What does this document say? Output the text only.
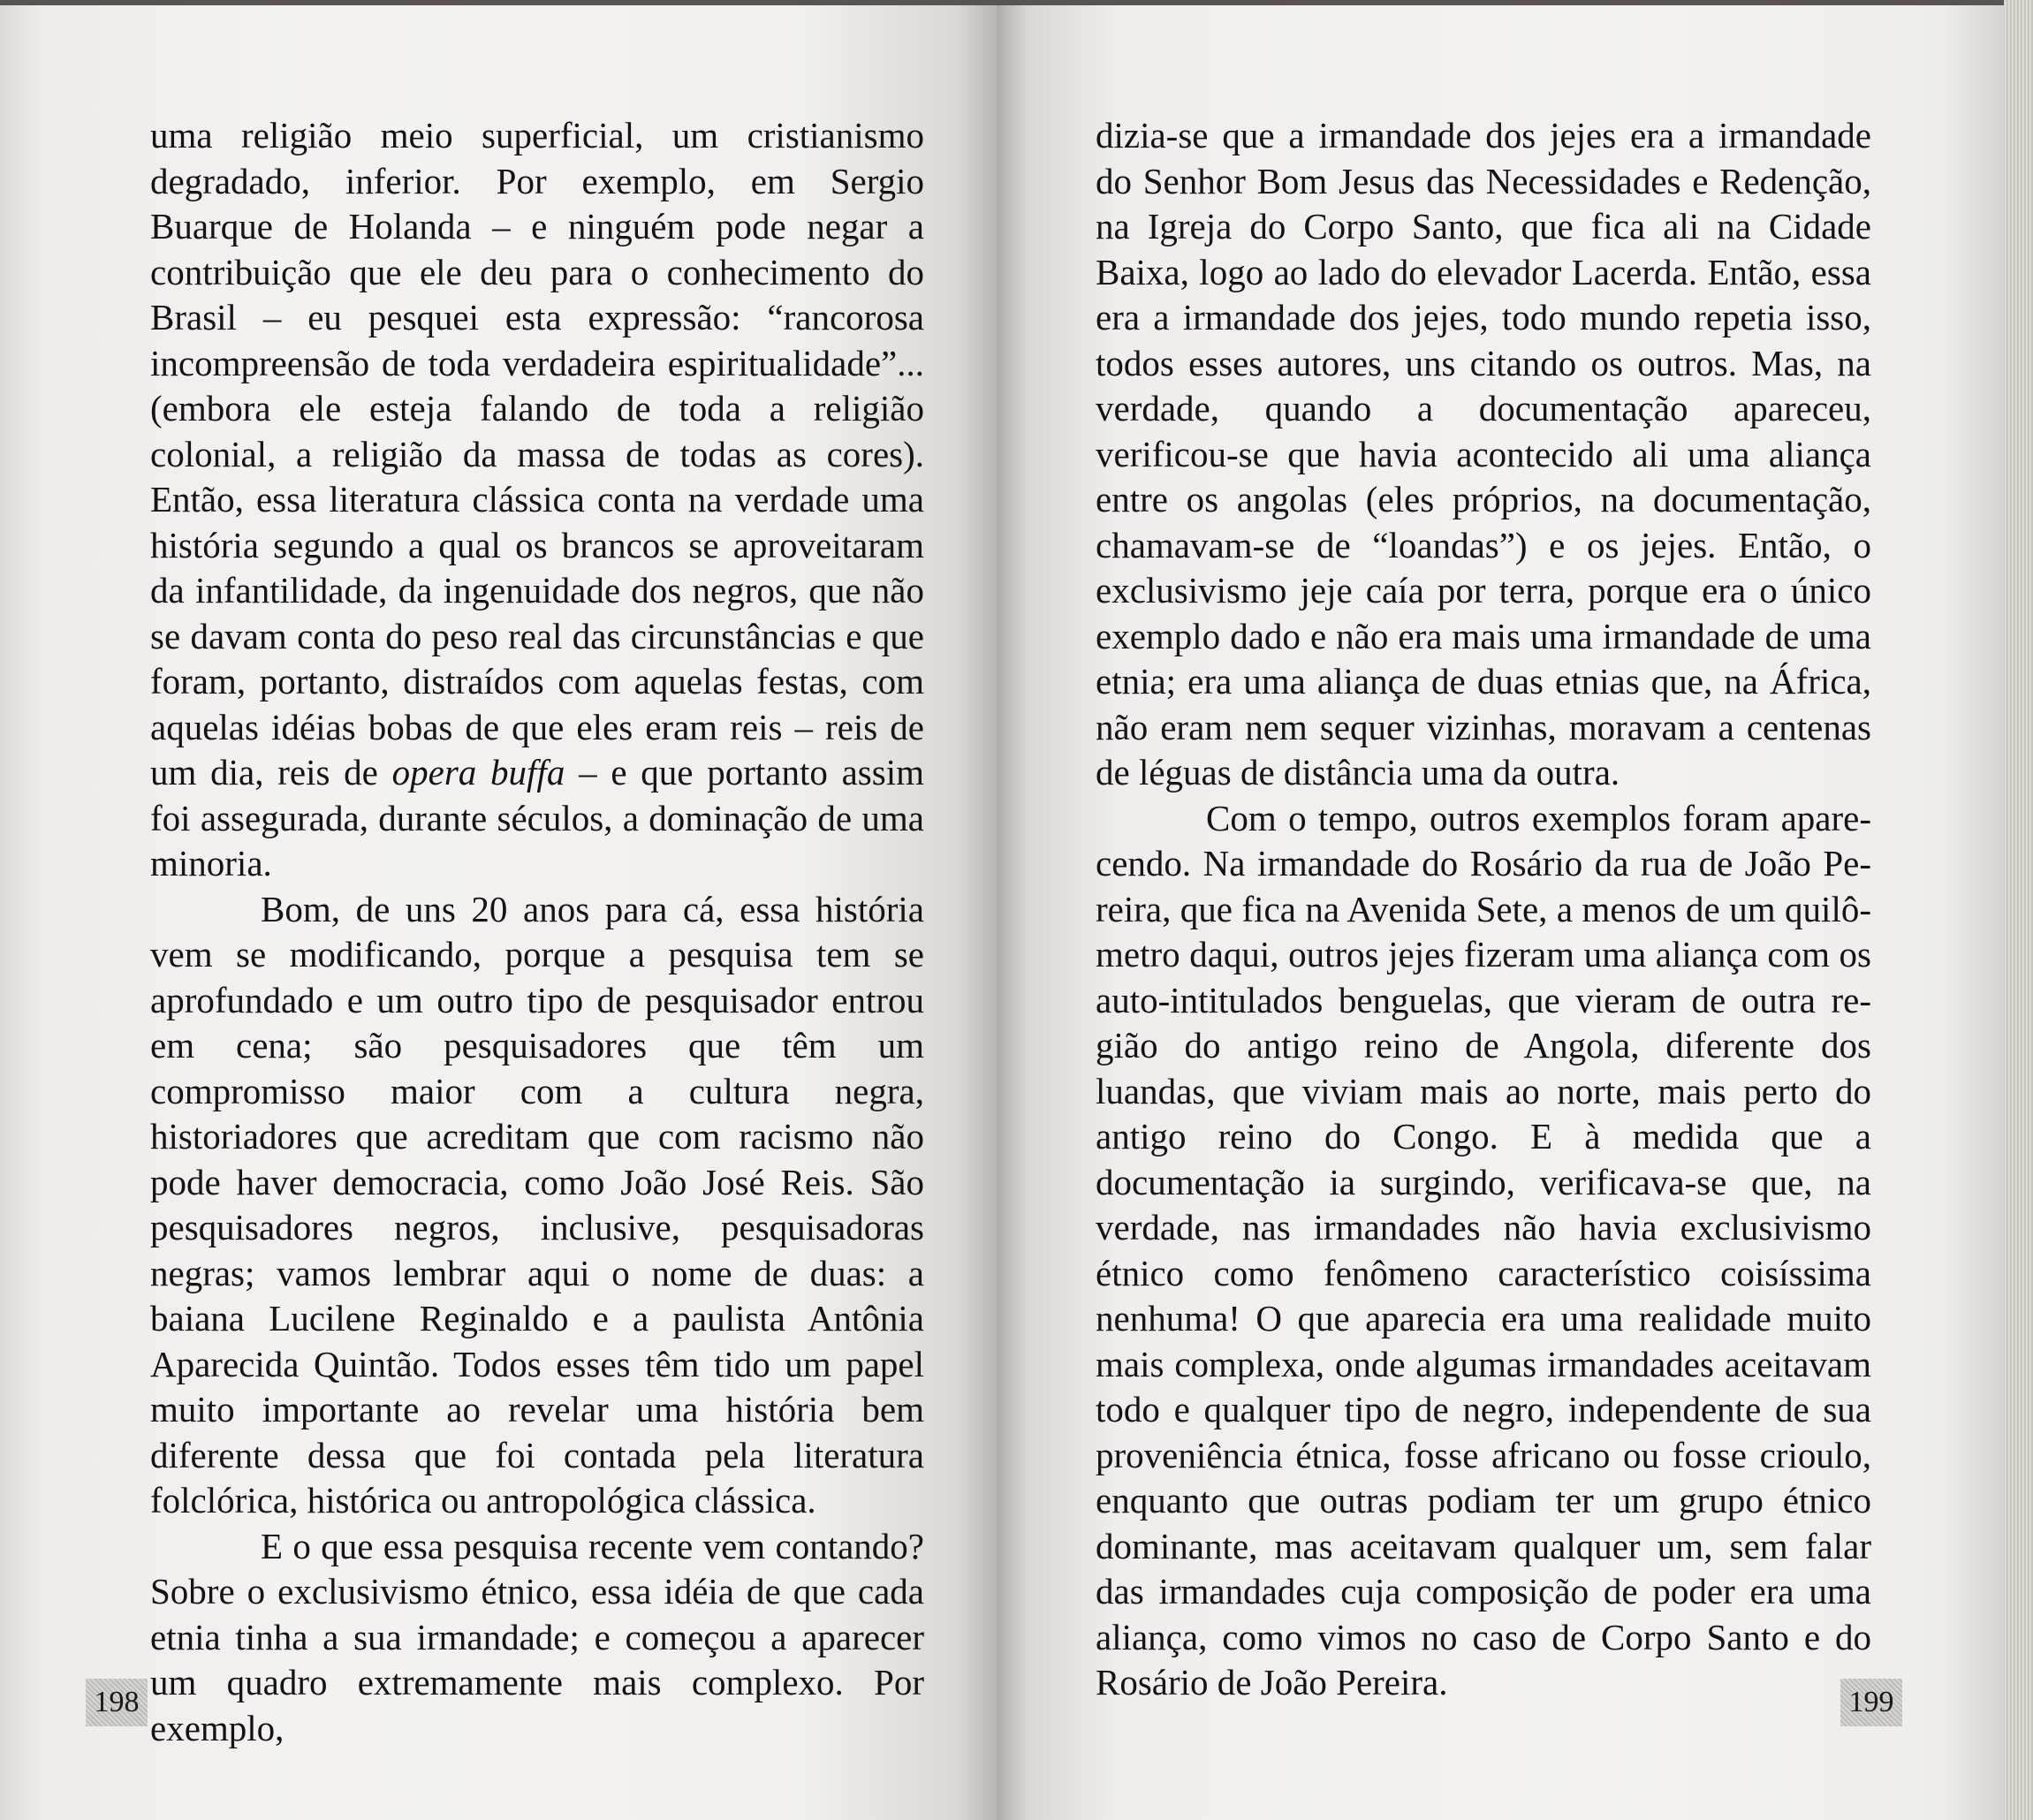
uma religião meio superficial, um cristianismo degradado, inferior. Por exemplo, em Sergio Buarque de Holanda – e ninguém pode negar a contribuição que ele deu para o conhecimento do Brasil – eu pesquei esta expressão: “rancorosa incompreensão de toda verdadeira espiritualidade”... (embora ele esteja falando de toda a religião colonial, a religião da massa de todas as cores). Então, essa literatura clássica conta na verdade uma história segundo a qual os brancos se aproveitaram da infantilidade, da ingenuidade dos negros, que não se davam conta do peso real das circunstâncias e que foram, portanto, distraídos com aquelas festas, com aquelas idéias bobas de que eles eram reis – reis de um dia, reis de opera buffa – e que portanto assim foi assegurada, durante séculos, a dominação de uma minoria.

Bom, de uns 20 anos para cá, essa história vem se modificando, porque a pesquisa tem se aprofundado e um outro tipo de pesquisador entrou em cena; são pesquisadores que têm um compromisso maior com a cultura negra, historiadores que acreditam que com racismo não pode haver democracia, como João José Reis. São pesquisadores negros, inclusive, pesquisadoras negras; vamos lembrar aqui o nome de duas: a baiana Lucilene Reginaldo e a paulista Antônia Aparecida Quintão. Todos esses têm tido um papel muito importante ao revelar uma história bem diferente dessa que foi contada pela literatura folclórica, histórica ou antropológica clássica.

E o que essa pesquisa recente vem contando? Sobre o exclusivismo étnico, essa idéia de que cada etnia tinha a sua irmandade; e começou a aparecer um quadro extremamente mais complexo. Por exemplo,

198

dizia-se que a irmandade dos jejes era a irmandade do Senhor Bom Jesus das Necessidades e Redenção, na Igreja do Corpo Santo, que fica ali na Cidade Baixa, logo ao lado do elevador Lacerda. Então, essa era a irmandade dos jejes, todo mundo repetia isso, todos esses autores, uns citando os outros. Mas, na verdade, quando a documentação apareceu, verificou-se que havia acontecido ali uma aliança entre os angolas (eles próprios, na documentação, chamavam-se de “loandas”) e os jejes. Então, o exclusivismo jeje caía por terra, porque era o único exemplo dado e não era mais uma irmandade de uma etnia; era uma aliança de duas etnias que, na África, não eram nem sequer vizinhas, moravam a centenas de léguas de distância uma da outra.

Com o tempo, outros exemplos foram aparecendo. Na irmandade do Rosário da rua de João Pereira, que fica na Avenida Sete, a menos de um quilômetro daqui, outros jejes fizeram uma aliança com os auto-intitulados benguelas, que vieram de outra região do antigo reino de Angola, diferente dos luandas, que viviam mais ao norte, mais perto do antigo reino do Congo. E à medida que a documentação ia surgindo, verificava-se que, na verdade, nas irmandades não havia exclusivismo étnico como fenômeno característico coisíssima nenhuma! O que aparecia era uma realidade muito mais complexa, onde algumas irmandades aceitavam todo e qualquer tipo de negro, independente de sua proveniência étnica, fosse africano ou fosse crioulo, enquanto que outras podiam ter um grupo étnico dominante, mas aceitavam qualquer um, sem falar das irmandades cuja composição de poder era uma aliança, como vimos no caso de Corpo Santo e do Rosário de João Pereira.	199
